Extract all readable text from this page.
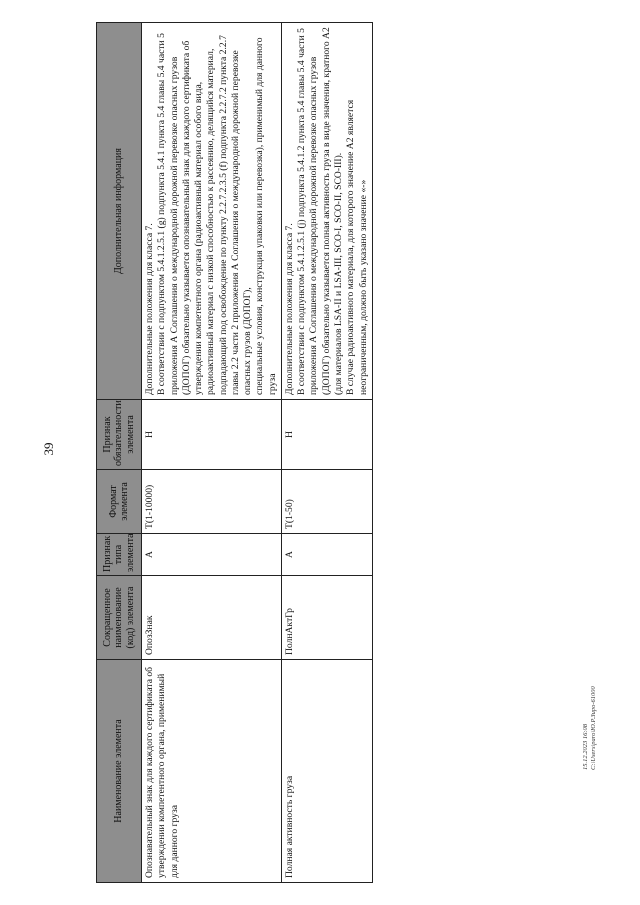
39
Наименование элемента	Сокращенное наименование (код) элемента	Признак типа элемента	Формат элемента	Признак обязательности элемента	Дополнительная информация
Опознавательный знак для каждого сертификата об утверждении компетентного органа, применимый для данного груза	ОпозЗнак	А	T(1-10000)	Н	Дополнительные положения для класса 7. В соответствии с подпунктом 5.4.1.2.5.1 (g) подпункта 5.4.1 пункта 5.4 главы 5.4 части 5 приложения А Соглашения о международной дорожной перевозке опасных грузов (ДОПОГ) обязательно указывается опознавательный знак для каждого сертификата об утверждении компетентного органа (радиоактивный материал особого вида, радиоактивный материал с низкой способностью к рассеянию, делящийся материал, подпадающий под освобождение по пункту 2.2.7.2.3.5 (f) подпункта 2.2.7.2 пункта 2.2.7 главы 2.2 части 2 приложения А Соглашения о международной дорожной перевозке опасных грузов (ДОПОГ), специальные условия, конструкция упаковки или перевозка), применимый для данного груза

Полная активность груза	ПолнАктГр	А	T(1-50)	Н	Дополнительные положения для класса 7. В соответствии с подпунктом 5.4.1.2.5.1 (j) подпункта 5.4.1.2 пункта 5.4 главы 5.4 части 5 приложения А Соглашения о международной дорожной перевозке опасных грузов (ДОПОГ) обязательно указывается полная активность груза в виде значения, кратного А2 (для материалов LSA-II и LSA-III, SCO-I, SCO-II, SCO-III). В случае радиоактивного материала, для которого значение А2 является неограниченным, должно быть указано значение «-»
15.12.2023 16:08 C:\Users\paro\Ю.Р.Зиро-61000
